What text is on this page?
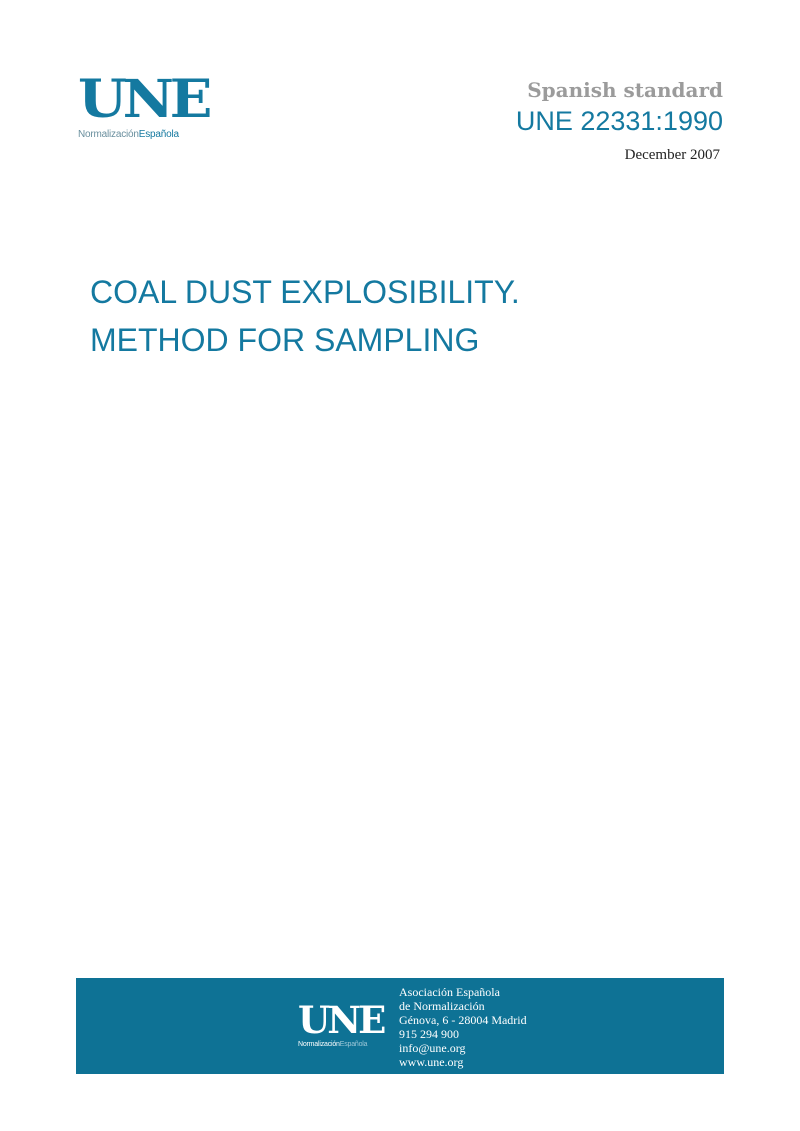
UNE
NormalizaciónEspañola
Spanish standard
UNE 22331:1990
December 2007
COAL DUST EXPLOSIBILITY.
METHOD FOR SAMPLING
UNE
NormalizaciónEspañola
Asociación Española
de Normalización
Génova, 6 - 28004 Madrid
915 294 900
info@une.org
www.une.org
